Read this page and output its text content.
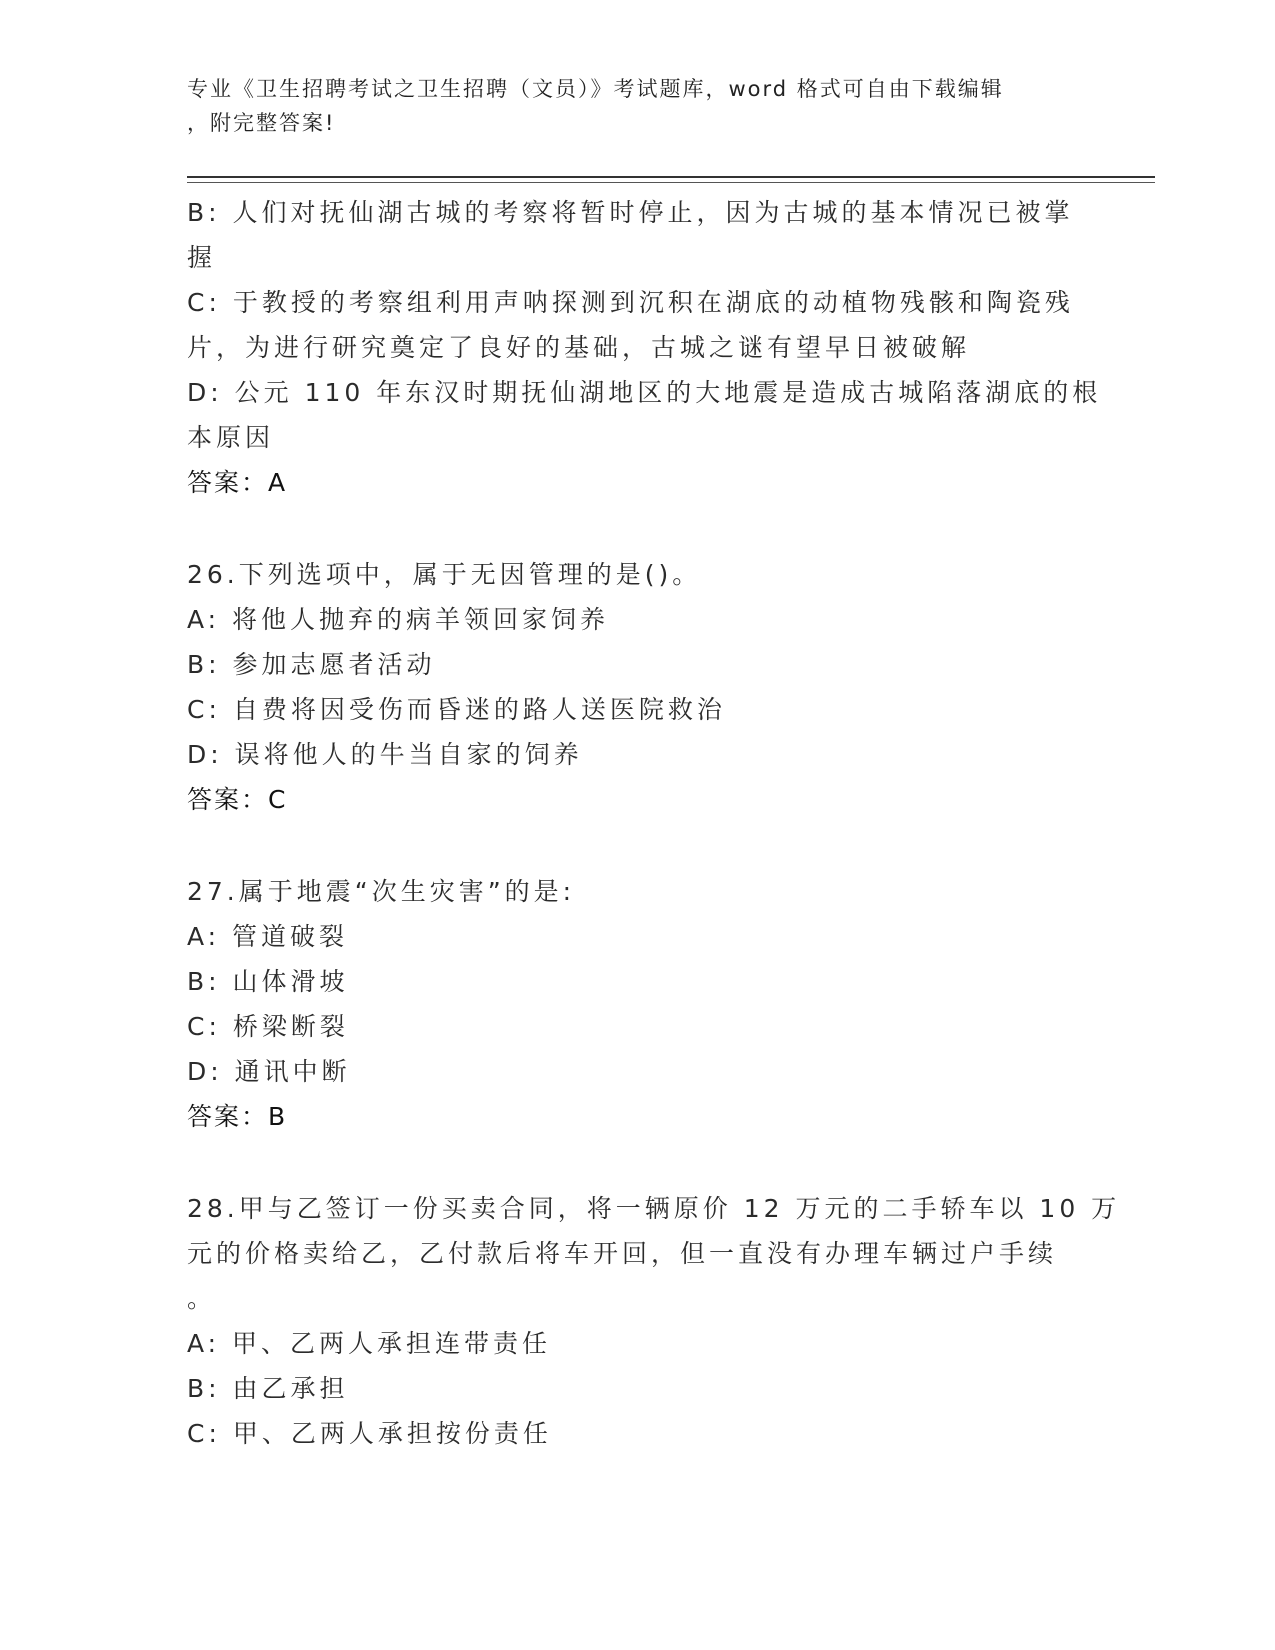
专业《卫生招聘考试之卫生招聘（文员）》考试题库，word 格式可自由下载编辑
，附完整答案!
B: 人们对抚仙湖古城的考察将暂时停止，因为古城的基本情况已被掌
握
C: 于教授的考察组利用声呐探测到沉积在湖底的动植物残骸和陶瓷残
片，为进行研究奠定了良好的基础，古城之谜有望早日被破解
D: 公元 110 年东汉时期抚仙湖地区的大地震是造成古城陷落湖底的根
本原因
答案：A
26.下列选项中，属于无因管理的是()。
A: 将他人抛弃的病羊领回家饲养
B: 参加志愿者活动
C: 自费将因受伤而昏迷的路人送医院救治
D: 误将他人的牛当自家的饲养
答案：C
27.属于地震“次生灾害”的是:
A: 管道破裂
B: 山体滑坡
C: 桥梁断裂
D: 通讯中断
答案：B
28.甲与乙签订一份买卖合同，将一辆原价 12 万元的二手轿车以 10 万
元的价格卖给乙，乙付款后将车开回，但一直没有办理车辆过户手续
。
A: 甲、乙两人承担连带责任
B: 由乙承担
C: 甲、乙两人承担按份责任
